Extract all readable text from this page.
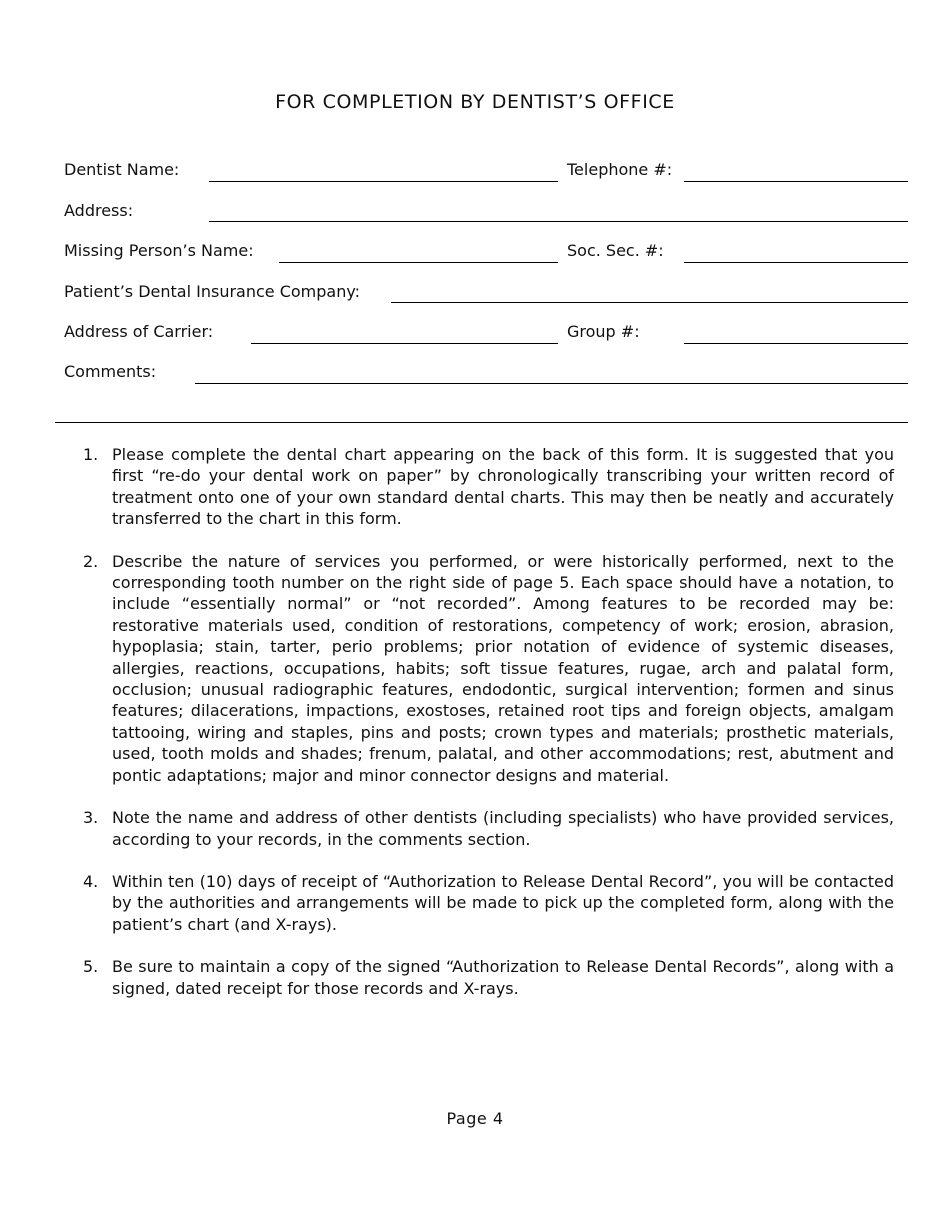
FOR COMPLETION BY DENTIST’S OFFICE
Dentist Name:	Telephone #:
Address:
Missing Person’s Name:	Soc. Sec. #:
Patient’s Dental Insurance Company:
Address of Carrier:	Group #:
Comments:
1. Please complete the dental chart appearing on the back of this form. It is suggested that you first “re-do your dental work on paper” by chronologically transcribing your written record of treatment onto one of your own standard dental charts. This may then be neatly and accurately transferred to the chart in this form.
2. Describe the nature of services you performed, or were historically performed, next to the corresponding tooth number on the right side of page 5. Each space should have a notation, to include “essentially normal” or “not recorded”. Among features to be recorded may be: restorative materials used, condition of restorations, competency of work; erosion, abrasion, hypoplasia; stain, tarter, perio problems; prior notation of evidence of systemic diseases, allergies, reactions, occupations, habits; soft tissue features, rugae, arch and palatal form, occlusion; unusual radiographic features, endodontic, surgical intervention; formen and sinus features; dilacerations, impactions, exostoses, retained root tips and foreign objects, amalgam tattooing, wiring and staples, pins and posts; crown types and materials; prosthetic materials, used, tooth molds and shades; frenum, palatal, and other accommodations; rest, abutment and pontic adaptations; major and minor connector designs and material.
3. Note the name and address of other dentists (including specialists) who have provided services, according to your records, in the comments section.
4. Within ten (10) days of receipt of “Authorization to Release Dental Record”, you will be contacted by the authorities and arrangements will be made to pick up the completed form, along with the patient’s chart (and X-rays).
5. Be sure to maintain a copy of the signed “Authorization to Release Dental Records”, along with a signed, dated receipt for those records and X-rays.
Page 4
